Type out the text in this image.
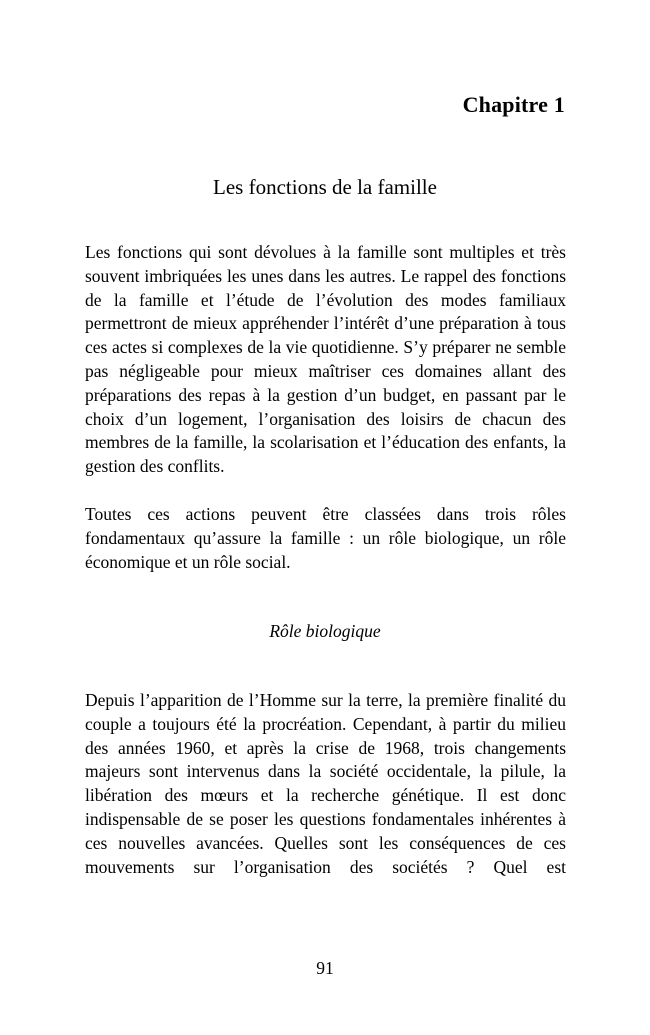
Chapitre 1
Les fonctions de la famille

Les fonctions qui sont dévolues à la famille sont multiples et très souvent imbriquées les unes dans les autres. Le rappel des fonctions de la famille et l’étude de l’évolution des modes familiaux permettront de mieux appréhender l’intérêt d’une préparation à tous ces actes si complexes de la vie quotidienne. S’y préparer ne semble pas négligeable pour mieux maîtriser ces domaines allant des préparations des repas à la gestion d’un budget, en passant par le choix d’un logement, l’organisation des loisirs de chacun des membres de la famille, la scolarisation et l’éducation des enfants, la gestion des conflits.

Toutes ces actions peuvent être classées dans trois rôles fondamentaux qu’assure la famille : un rôle biologique, un rôle économique et un rôle social.

Rôle biologique

Depuis l’apparition de l’Homme sur la terre, la première finalité du couple a toujours été la procréation. Cependant, à partir du milieu des années 1960, et après la crise de 1968, trois changements majeurs sont intervenus dans la société occidentale, la pilule, la libération des mœurs et la recherche génétique. Il est donc indispensable de se poser les questions fondamentales inhérentes à ces nouvelles avancées. Quelles sont les conséquences de ces mouvements sur l’organisation des sociétés ? Quel est

91
